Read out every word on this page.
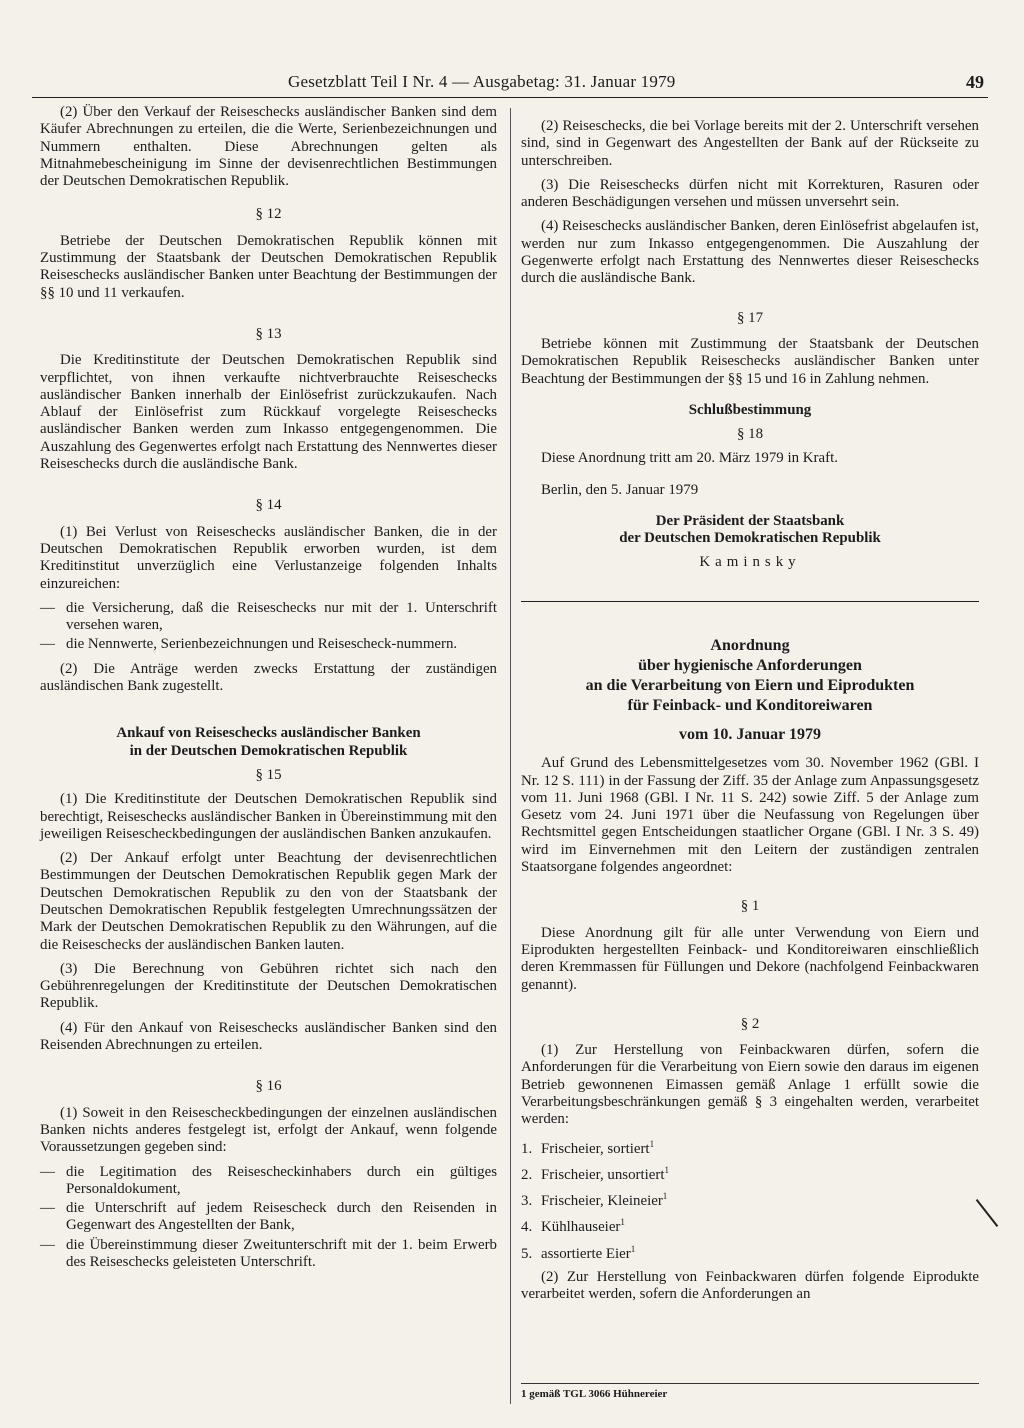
Gesetzblatt Teil I Nr. 4 — Ausgabetag: 31. Januar 1979	49

(2) Über den Verkauf der Reiseschecks ausländischer Banken sind dem Käufer Abrechnungen zu erteilen, die die Werte, Serienbezeichnungen und Nummern enthalten. Diese Abrechnungen gelten als Mitnahmebescheinigung im Sinne der devisenrechtlichen Bestimmungen der Deutschen Demokratischen Republik.

§ 12

Betriebe der Deutschen Demokratischen Republik können mit Zustimmung der Staatsbank der Deutschen Demokratischen Republik Reiseschecks ausländischer Banken unter Beachtung der Bestimmungen der §§ 10 und 11 verkaufen.

§ 13

Die Kreditinstitute der Deutschen Demokratischen Republik sind verpflichtet, von ihnen verkaufte nichtverbrauchte Reiseschecks ausländischer Banken innerhalb der Einlösefrist zurückzukaufen. Nach Ablauf der Einlösefrist zum Rückkauf vorgelegte Reiseschecks ausländischer Banken werden zum Inkasso entgegengenommen. Die Auszahlung des Gegenwertes erfolgt nach Erstattung des Nennwertes dieser Reiseschecks durch die ausländische Bank.

§ 14

(1) Bei Verlust von Reiseschecks ausländischer Banken, die in der Deutschen Demokratischen Republik erworben wurden, ist dem Kreditinstitut unverzüglich eine Verlustanzeige folgenden Inhalts einzureichen:

— die Versicherung, daß die Reiseschecks nur mit der 1. Unterschrift versehen waren,
— die Nennwerte, Serienbezeichnungen und Reisescheck-nummern.

(2) Die Anträge werden zwecks Erstattung der zuständigen ausländischen Bank zugestellt.

Ankauf von Reiseschecks ausländischer Banken
in der Deutschen Demokratischen Republik
§ 15

(1) Die Kreditinstitute der Deutschen Demokratischen Republik sind berechtigt, Reiseschecks ausländischer Banken in Übereinstimmung mit den jeweiligen Reisescheckbedingungen der ausländischen Banken anzukaufen.

(2) Der Ankauf erfolgt unter Beachtung der devisenrechtlichen Bestimmungen der Deutschen Demokratischen Republik gegen Mark der Deutschen Demokratischen Republik zu den von der Staatsbank der Deutschen Demokratischen Republik festgelegten Umrechnungssätzen der Mark der Deutschen Demokratischen Republik zu den Währungen, auf die die Reiseschecks der ausländischen Banken lauten.

(3) Die Berechnung von Gebühren richtet sich nach den Gebührenregelungen der Kreditinstitute der Deutschen Demokratischen Republik.

(4) Für den Ankauf von Reiseschecks ausländischer Banken sind den Reisenden Abrechnungen zu erteilen.

§ 16

(1) Soweit in den Reisescheckbedingungen der einzelnen ausländischen Banken nichts anderes festgelegt ist, erfolgt der Ankauf, wenn folgende Voraussetzungen gegeben sind:

— die Legitimation des Reisescheckinhabers durch ein gültiges Personaldokument,
— die Unterschrift auf jedem Reisescheck durch den Reisenden in Gegenwart des Angestellten der Bank,
— die Übereinstimmung dieser Zweitunterschrift mit der 1. beim Erwerb des Reiseschecks geleisteten Unterschrift.

(2) Reiseschecks, die bei Vorlage bereits mit der 2. Unterschrift versehen sind, sind in Gegenwart des Angestellten der Bank auf der Rückseite zu unterschreiben.

(3) Die Reiseschecks dürfen nicht mit Korrekturen, Rasuren oder anderen Beschädigungen versehen und müssen unversehrt sein.

(4) Reiseschecks ausländischer Banken, deren Einlösefrist abgelaufen ist, werden nur zum Inkasso entgegengenommen. Die Auszahlung der Gegenwerte erfolgt nach Erstattung des Nennwertes dieser Reiseschecks durch die ausländische Bank.

§ 17

Betriebe können mit Zustimmung der Staatsbank der Deutschen Demokratischen Republik Reiseschecks ausländischer Banken unter Beachtung der Bestimmungen der §§ 15 und 16 in Zahlung nehmen.

Schlußbestimmung
§ 18

Diese Anordnung tritt am 20. März 1979 in Kraft.

Berlin, den 5. Januar 1979

Der Präsident der Staatsbank

der Deutschen Demokratischen Republik

Kaminsky

Anordnung
über hygienische Anforderungen
an die Verarbeitung von Eiern und Eiprodukten
für Feinback- und Konditoreiwaren
vom 10. Januar 1979

Auf Grund des Lebensmittelgesetzes vom 30. November 1962 (GBl. I Nr. 12 S. 111) in der Fassung der Ziff. 35 der Anlage zum Anpassungsgesetz vom 11. Juni 1968 (GBl. I Nr. 11 S. 242) sowie Ziff. 5 der Anlage zum Gesetz vom 24. Juni 1971 über die Neufassung von Regelungen über Rechtsmittel gegen Entscheidungen staatlicher Organe (GBl. I Nr. 3 S. 49) wird im Einvernehmen mit den Leitern der zuständigen zentralen Staatsorgane folgendes angeordnet:

§ 1

Diese Anordnung gilt für alle unter Verwendung von Eiern und Eiprodukten hergestellten Feinback- und Konditoreiwaren einschließlich deren Kremmassen für Füllungen und Dekore (nachfolgend Feinbackwaren genannt).

§ 2

(1) Zur Herstellung von Feinbackwaren dürfen, sofern die Anforderungen für die Verarbeitung von Eiern sowie den daraus im eigenen Betrieb gewonnenen Eimassen gemäß Anlage 1 erfüllt sowie die Verarbeitungsbeschränkungen gemäß § 3 eingehalten werden, verarbeitet werden:

1. Frischeier, sortiert$^1$
2. Frischeier, unsortiert$^1$
3. Frischeier, Kleineier$^1$
4. Kühlhauseier$^1$
5. assortierte Eier$^1$

(2) Zur Herstellung von Feinbackwaren dürfen folgende Eiprodukte verarbeitet werden, sofern die Anforderungen an

1 gemäß TGL 3066 Hühnereier
